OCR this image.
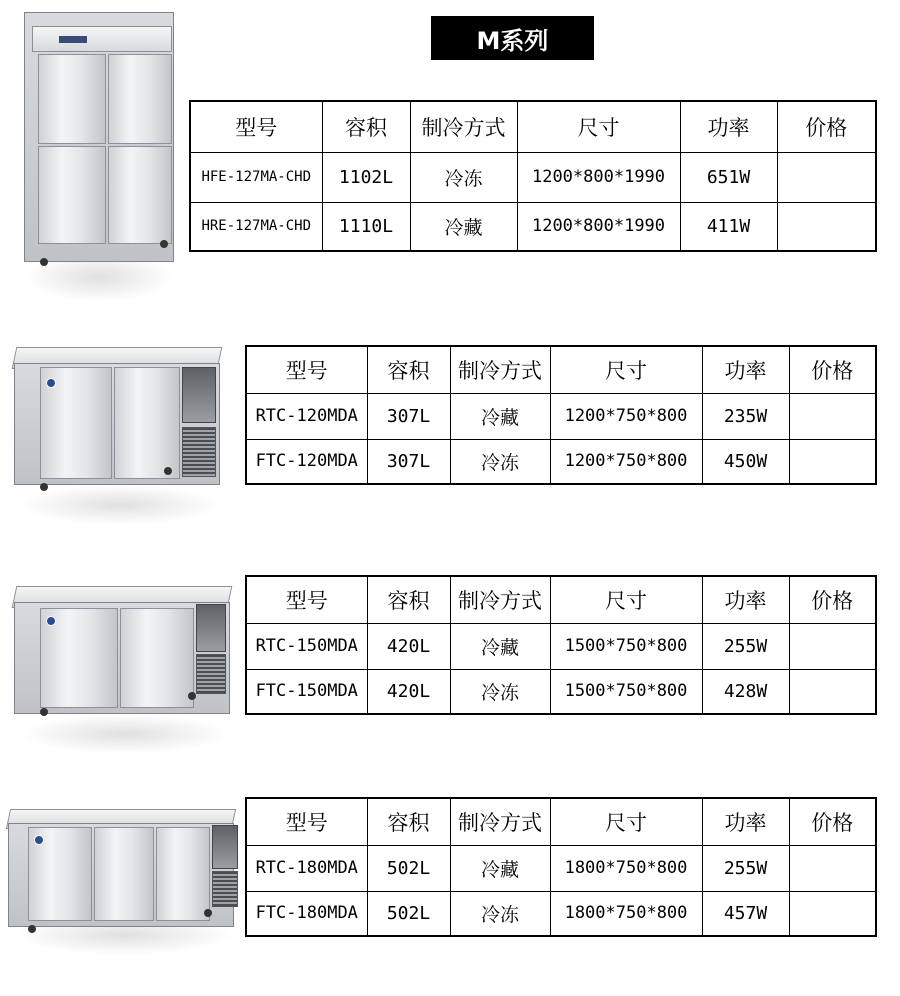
M系列
型号	容积	制冷方式	尺寸	功率	价格
HFE-127MA-CHD	1102L	冷冻	1200*800*1990	651W	
HRE-127MA-CHD	1110L	冷藏	1200*800*1990	411W	
型号	容积	制冷方式	尺寸	功率	价格
RTC-120MDA	307L	冷藏	1200*750*800	235W	
FTC-120MDA	307L	冷冻	1200*750*800	450W	
型号	容积	制冷方式	尺寸	功率	价格
RTC-150MDA	420L	冷藏	1500*750*800	255W	
FTC-150MDA	420L	冷冻	1500*750*800	428W	
型号	容积	制冷方式	尺寸	功率	价格
RTC-180MDA	502L	冷藏	1800*750*800	255W	
FTC-180MDA	502L	冷冻	1800*750*800	457W	
